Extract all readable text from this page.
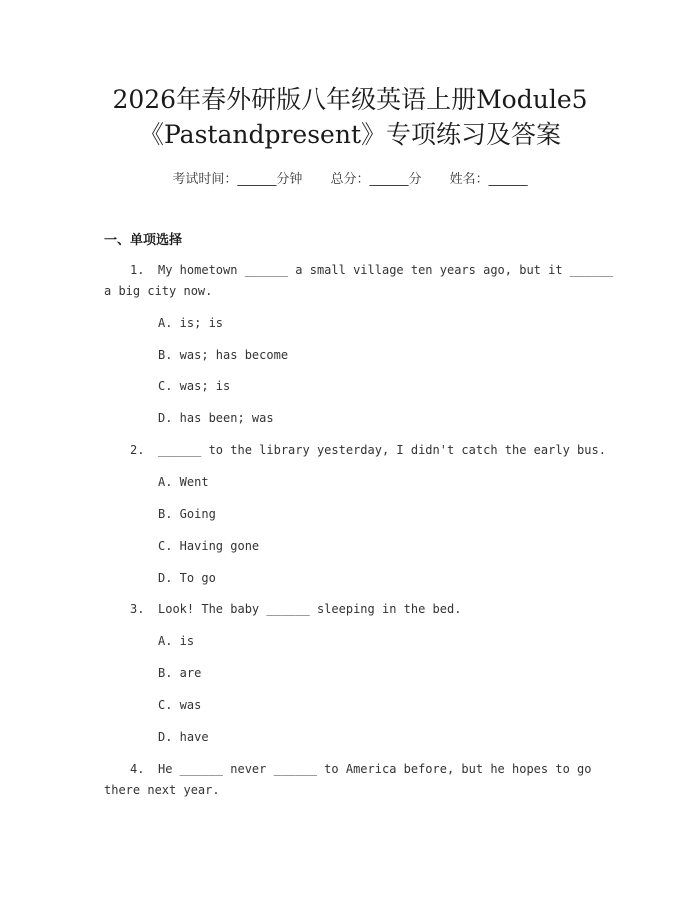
2026年春外研版八年级英语上册Module5
《Pastandpresent》专项练习及答案
考试时间：______分钟 总分：______分 姓名：______
一、单项选择
1. My hometown ______ a small village ten years ago, but it ______
a big city now.
A. is; is
B. was; has become
C. was; is
D. has been; was
2. ______ to the library yesterday, I didn't catch the early bus.
A. Went
B. Going
C. Having gone
D. To go
3. Look! The baby ______ sleeping in the bed.
A. is
B. are
C. was
D. have
4. He ______ never ______ to America before, but he hopes to go
there next year.
